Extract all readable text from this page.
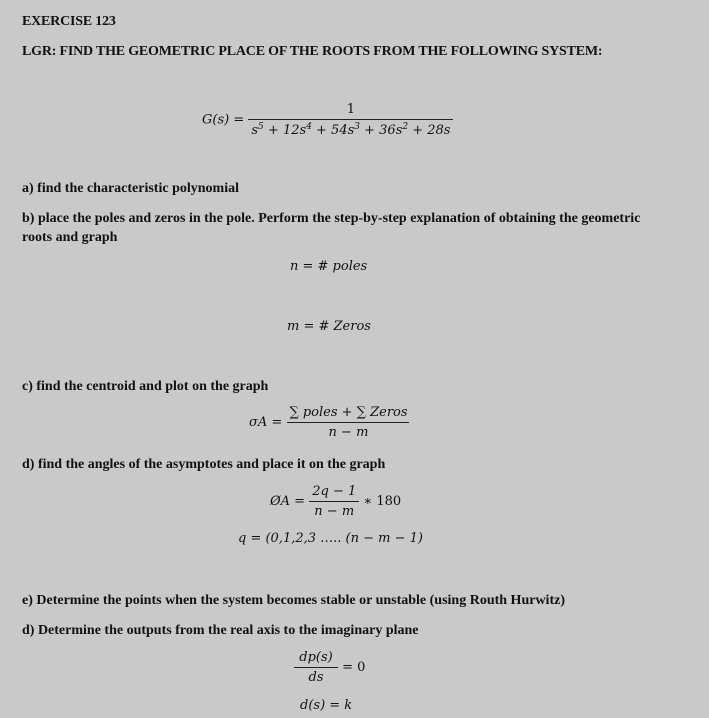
EXERCISE 123
LGR: FIND THE GEOMETRIC PLACE OF THE ROOTS FROM THE FOLLOWING SYSTEM:
$G(s) = \frac{1}{s^5 + 12s^4 + 54s^3 + 36s^2 + 28s}$
a) find the characteristic polynomial
b) place the poles and zeros in the pole. Perform the step-by-step explanation of obtaining the geometric roots and graph
n = # poles
m = # Zeros
c) find the centroid and plot on the graph
$\sigma A = \frac{\text{∑ poles + ∑ Zeros}}{n - m}$
d) find the angles of the asymptotes and place it on the graph
ØA = $\frac{2q - 1}{n - m}$ ∗ 180
q = (0,1,2,3 ….. (n − m − 1)
e) Determine the points when the system becomes stable or unstable (using Routh Hurwitz)
d) Determine the outputs from the real axis to the imaginary plane
$\frac{dp(s)}{ds} = 0$
d(s) = k
